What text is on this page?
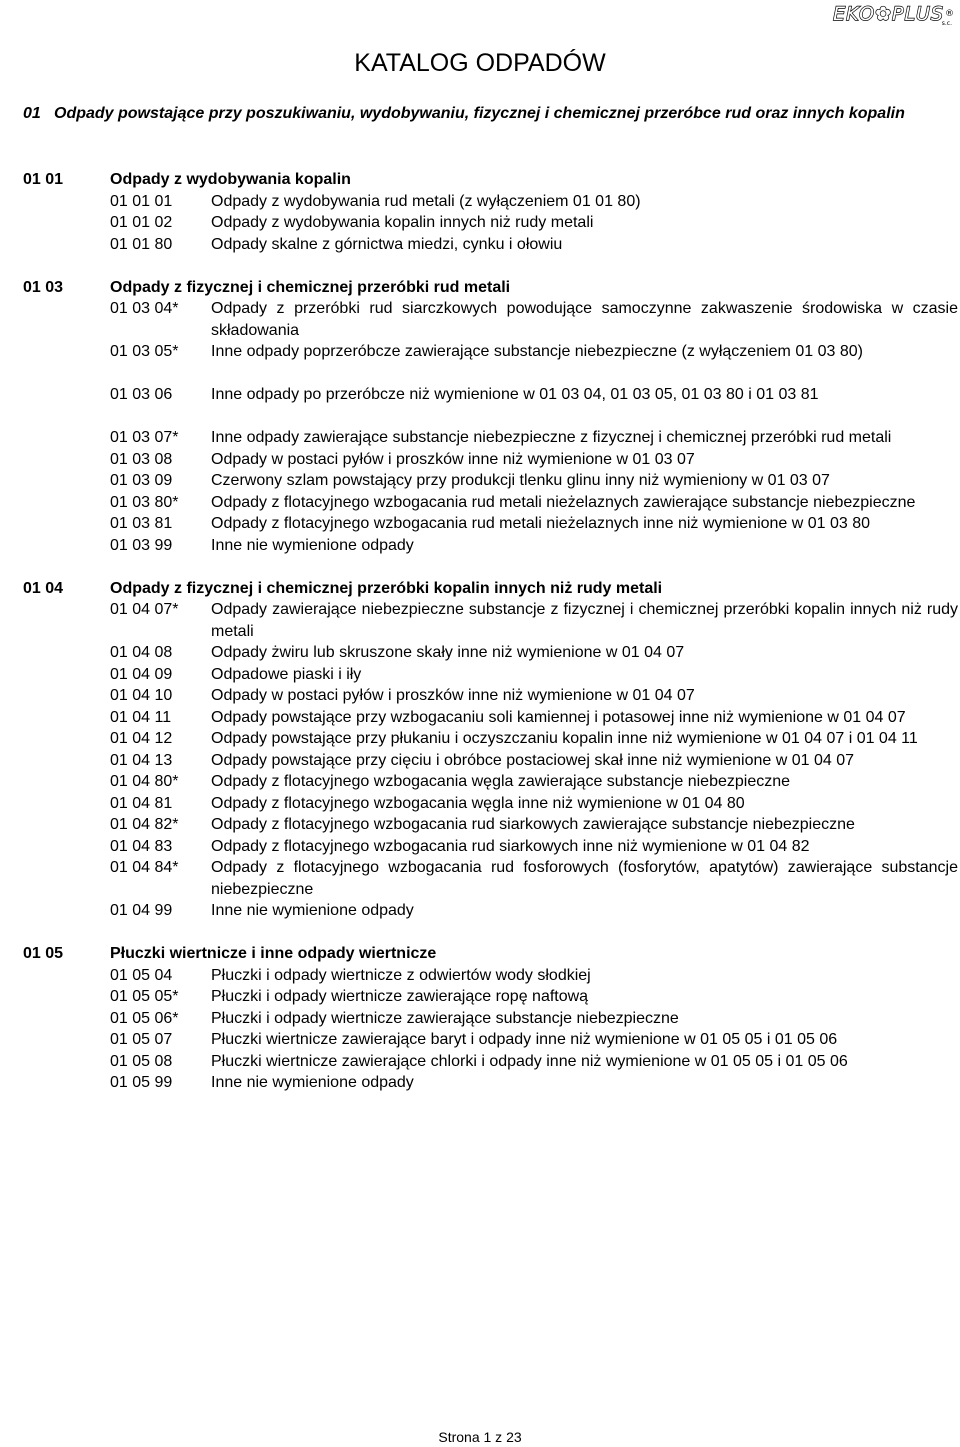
EKO✿PLUS ®
s.c.
KATALOG ODPADÓW
01 Odpady powstające przy poszukiwaniu, wydobywaniu, fizycznej i chemicznej przeróbce rud oraz innych kopalin
01 01	Odpady z wydobywania kopalin
01 01 01	Odpady z wydobywania rud metali (z wyłączeniem 01 01 80)
01 01 02	Odpady z wydobywania kopalin innych niż rudy metali
01 01 80	Odpady skalne z górnictwa miedzi, cynku i ołowiu
01 03	Odpady z fizycznej i chemicznej przeróbki rud metali
01 03 04*	Odpady z przeróbki rud siarczkowych powodujące samoczynne zakwaszenie środowiska w czasie składowania
01 03 05*	Inne odpady poprzeróbcze zawierające substancje niebezpieczne (z wyłączeniem 01 03 80)
01 03 06	Inne odpady po przeróbcze niż wymienione w 01 03 04, 01 03 05, 01 03 80 i 01 03 81
01 03 07*	Inne odpady zawierające substancje niebezpieczne z fizycznej i chemicznej przeróbki rud metali
01 03 08	Odpady w postaci pyłów i proszków inne niż wymienione w 01 03 07
01 03 09	Czerwony szlam powstający przy produkcji tlenku glinu inny niż wymieniony w 01 03 07
01 03 80*	Odpady z flotacyjnego wzbogacania rud metali nieżelaznych zawierające substancje niebezpieczne
01 03 81	Odpady z flotacyjnego wzbogacania rud metali nieżelaznych inne niż wymienione w 01 03 80
01 03 99	Inne nie wymienione odpady
01 04	Odpady z fizycznej i chemicznej przeróbki kopalin innych niż rudy metali
01 04 07*	Odpady zawierające niebezpieczne substancje z fizycznej i chemicznej przeróbki kopalin innych niż rudy metali
01 04 08	Odpady żwiru lub skruszone skały inne niż wymienione w 01 04 07
01 04 09	Odpadowe piaski i iły
01 04 10	Odpady w postaci pyłów i proszków inne niż wymienione w 01 04 07
01 04 11	Odpady powstające przy wzbogacaniu soli kamiennej i potasowej inne niż wymienione w 01 04 07
01 04 12	Odpady powstające przy płukaniu i oczyszczaniu kopalin inne niż wymienione w 01 04 07 i 01 04 11
01 04 13	Odpady powstające przy cięciu i obróbce postaciowej skał inne niż wymienione w 01 04 07
01 04 80*	Odpady z flotacyjnego wzbogacania węgla zawierające substancje niebezpieczne
01 04 81	Odpady z flotacyjnego wzbogacania węgla inne niż wymienione w 01 04 80
01 04 82*	Odpady z flotacyjnego wzbogacania rud siarkowych zawierające substancje niebezpieczne
01 04 83	Odpady z flotacyjnego wzbogacania rud siarkowych inne niż wymienione w 01 04 82
01 04 84*	Odpady z flotacyjnego wzbogacania rud fosforowych (fosforytów, apatytów) zawierające substancje niebezpieczne
01 04 99	Inne nie wymienione odpady
01 05	Płuczki wiertnicze i inne odpady wiertnicze
01 05 04	Płuczki i odpady wiertnicze z odwiertów wody słodkiej
01 05 05*	Płuczki i odpady wiertnicze zawierające ropę naftową
01 05 06*	Płuczki i odpady wiertnicze zawierające substancje niebezpieczne
01 05 07	Płuczki wiertnicze zawierające baryt i odpady inne niż wymienione w 01 05 05 i 01 05 06
01 05 08	Płuczki wiertnicze zawierające chlorki i odpady inne niż wymienione w 01 05 05 i 01 05 06
01 05 99	Inne nie wymienione odpady
Strona 1 z 23
